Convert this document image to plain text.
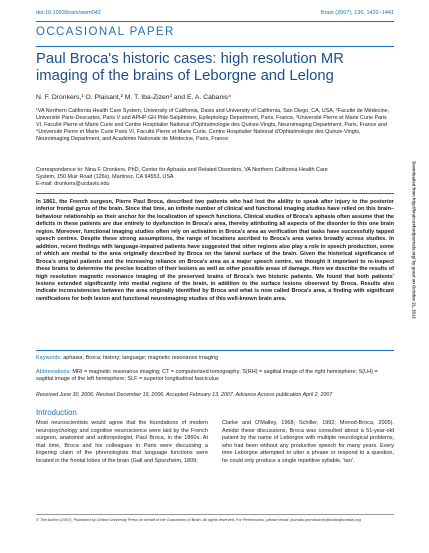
doi:10.1093/brain/awm042	Brain (2007), 130, 1432–1441
OCCASIONAL PAPER
Paul Broca's historic cases: high resolution MR imaging of the brains of Leborgne and Lelong
N. F. Dronkers,¹ O. Plaisant,² M. T. Iba-Zizen³ and E. A. Cabanis⁴
¹VA Northern California Health Care System, University of California, Davis and University of California, San Diego, CA, USA, ²Faculté de Médecine, Université Paris-Descartes, Paris V and APHP GH Pitié-Salpêtrière, Epileptology Department, Paris, France, ³Université Pierre et Marie Curie Paris VI, Faculté Pierre et Marie Curie and Centre Hospitalier National d'Ophtalmologie des Quinze-Vingts, Neuroimaging Department, Paris, France and ⁴Université Pierre et Marie Curie Paris VI, Faculté Pierre et Marie Curie, Centre Hospitalier National d'Ophtalmologie des Quinze-Vingts, Neuroimaging Department, and Académie Nationale de Médecine, Paris, France
Correspondence to: Nina F. Dronkers, PhD, Center for Aphasia and Related Disorders, VA Northern California Health Care
System, 150 Muir Road (126s), Martinez, CA 94553, USA
E-mail: dronkers@ucdavis.edu
In 1861, the French surgeon, Pierre Paul Broca, described two patients who had lost the ability to speak after injury to the posterior inferior frontal gyrus of the brain. Since that time, an infinite number of clinical and functional imaging studies have relied on this brain–behaviour relationship as their anchor for the localization of speech functions. Clinical studies of Broca's aphasia often assume that the deficits in these patients are due entirely to dysfunction in Broca's area, thereby attributing all aspects of the disorder to this one brain region. Moreover, functional imaging studies often rely on activation in Broca's area as verification that tasks have successfully tapped speech centres. Despite these strong assumptions, the range of locations ascribed to Broca's area varies broadly across studies. In addition, recent findings with language-impaired patients have suggested that other regions also play a role in speech production, some of which are medial to the area originally described by Broca on the lateral surface of the brain. Given the historical significance of Broca's original patients and the increasing reliance on Broca's area as a major speech centre, we thought it important to re-inspect these brains to determine the precise location of their lesions as well as other possible areas of damage. Here we describe the results of high resolution magnetic resonance imaging of the preserved brains of Broca's two historic patients. We found that both patients' lesions extended significantly into medial regions of the brain, in addition to the surface lesions observed by Broca. Results also indicate inconsistencies between the area originally identified by Broca and what is now called Broca's area, a finding with significant ramifications for both lesion and functional neuroimaging studies of this well-known brain area.
Keywords: aphasia; Broca; history; language; magnetic resonance imaging
Abbreviations: MRI = magnetic resonance imaging; CT = computerized tomography; S(RH) = sagittal image of the right hemisphere; S(LH) = sagittal image of the left hemisphere; SLF = superior longitudinal fasciculus
Received June 30, 2006. Revised December 19, 2006. Accepted February 13, 2007. Advance Access publication April 2, 2007
Introduction
Most neuroscientists would agree that the foundations of modern neuropsychology and cognitive neuroscience were laid by the French surgeon, anatomist and anthropologist, Paul Broca, in the 1860s. At that time, Broca and his colleagues in Paris were discussing a lingering claim of the phrenologists that language functions were located in the frontal lobes of the brain (Gall and Spurzheim, 1809;
Clarke and O'Malley, 1968; Schiller, 1992; Monod-Broca, 2005). Amidst these discussions, Broca was consulted about a 51-year-old patient by the name of Leborgne with multiple neurological problems, who had been without any productive speech for many years. Every time Leborgne attempted to utter a phrase or respond to a question, he could only produce a single repetitive syllable, 'tan'.
© The Author (2007). Published by Oxford University Press on behalf of the Guarantors of Brain. All rights reserved. For Permissions, please email: journals.permissions@oxfordjournals.org
Downloaded from http://brain.oxfordjournals.org/ by guest on October 21, 2013
